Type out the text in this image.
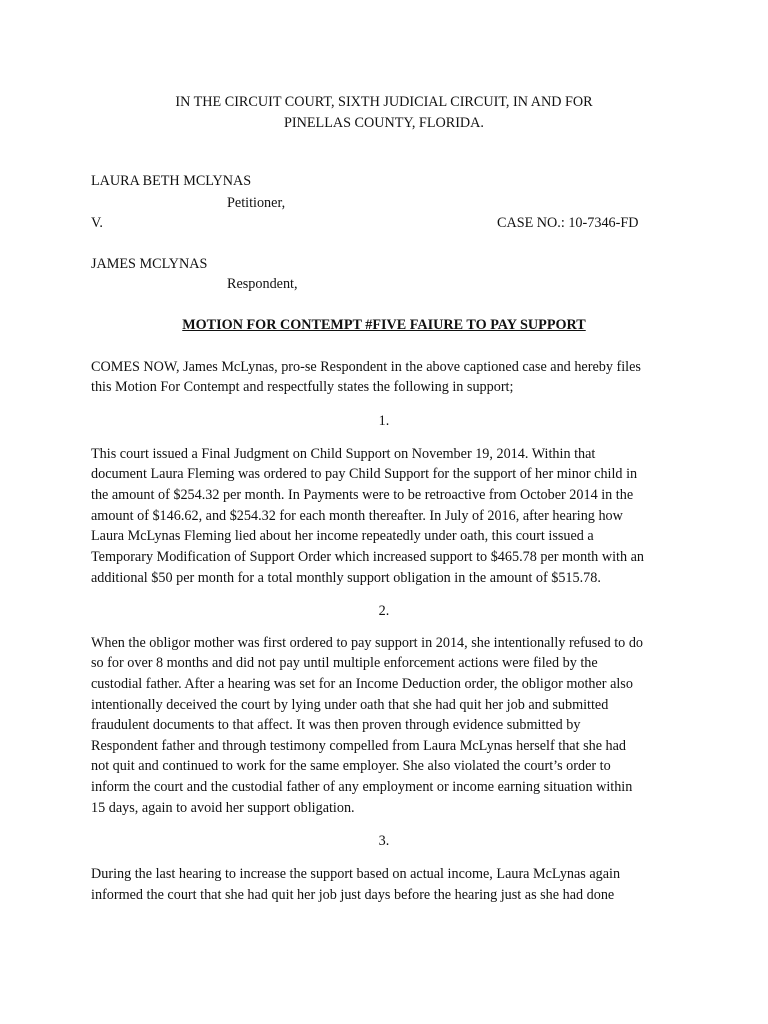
IN THE CIRCUIT COURT, SIXTH JUDICIAL CIRCUIT, IN AND FOR
PINELLAS COUNTY, FLORIDA.
LAURA BETH MCLYNAS
Petitioner,
V.	CASE NO.: 10-7346-FD
JAMES MCLYNAS
Respondent,
MOTION FOR CONTEMPT #FIVE FAIURE TO PAY SUPPORT
COMES NOW, James McLynas, pro-se Respondent in the above captioned case and hereby files
this Motion For Contempt and respectfully states the following in support;
1.
This court issued a Final Judgment on Child Support on November 19, 2014. Within that
document Laura Fleming was ordered to pay Child Support for the support of her minor child in
the amount of $254.32 per month. In Payments were to be retroactive from October 2014 in the
amount of $146.62, and $254.32 for each month thereafter. In July of 2016, after hearing how
Laura McLynas Fleming lied about her income repeatedly under oath, this court issued a
Temporary Modification of Support Order which increased support to $465.78 per month with an
additional $50 per month for a total monthly support obligation in the amount of $515.78.
2.
When the obligor mother was first ordered to pay support in 2014, she intentionally refused to do
so for over 8 months and did not pay until multiple enforcement actions were filed by the
custodial father. After a hearing was set for an Income Deduction order, the obligor mother also
intentionally deceived the court by lying under oath that she had quit her job and submitted
fraudulent documents to that affect. It was then proven through evidence submitted by
Respondent father and through testimony compelled from Laura McLynas herself that she had
not quit and continued to work for the same employer. She also violated the court’s order to
inform the court and the custodial father of any employment or income earning situation within
15 days, again to avoid her support obligation.
3.
During the last hearing to increase the support based on actual income, Laura McLynas again
informed the court that she had quit her job just days before the hearing just as she had done
